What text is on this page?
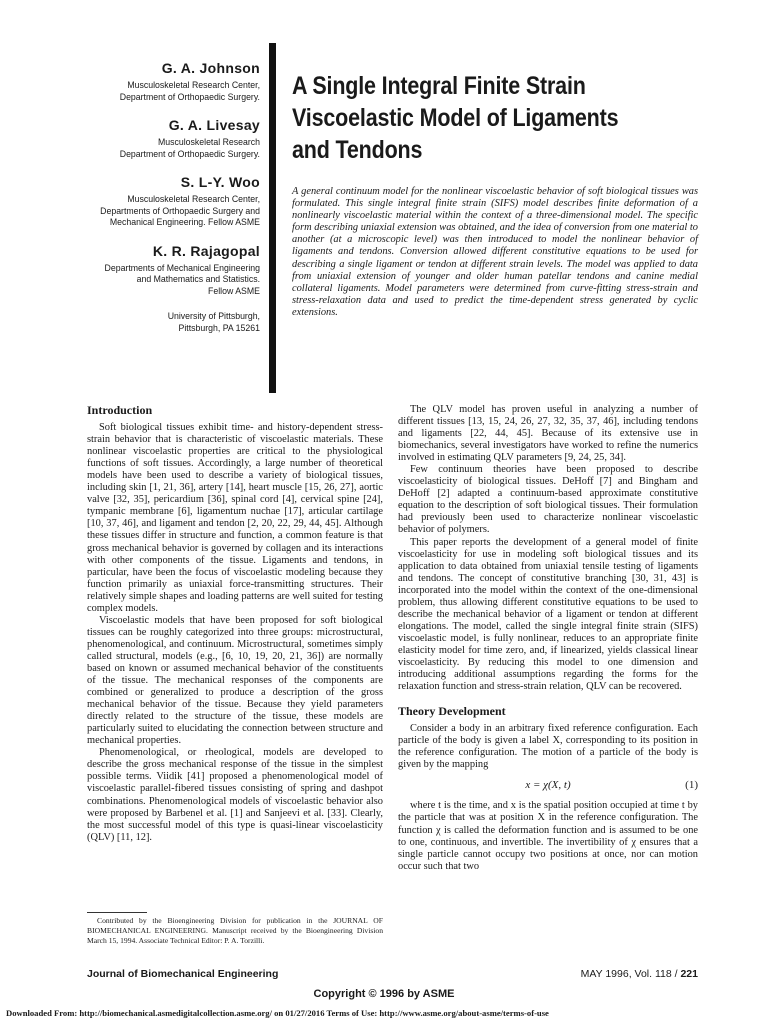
G. A. Johnson
Musculoskeletal Research Center,
Department of Orthopaedic Surgery.
G. A. Livesay
Musculoskeletal Research
Department of Orthopaedic Surgery.
S. L-Y. Woo
Musculoskeletal Research Center,
Departments of Orthopaedic Surgery and
Mechanical Engineering. Fellow ASME
K. R. Rajagopal
Departments of Mechanical Engineering
and Mathematics and Statistics.
Fellow ASME
University of Pittsburgh,
Pittsburgh, PA 15261
A Single Integral Finite Strain
Viscoelastic Model of Ligaments
and Tendons
A general continuum model for the nonlinear viscoelastic behavior of soft biological tissues was formulated. This single integral finite strain (SIFS) model describes finite deformation of a nonlinearly viscoelastic material within the context of a three-dimensional model. The specific form describing uniaxial extension was obtained, and the idea of conversion from one material to another (at a microscopic level) was then introduced to model the nonlinear behavior of ligaments and tendons. Conversion allowed different constitutive equations to be used for describing a single ligament or tendon at different strain levels. The model was applied to data from uniaxial extension of younger and older human patellar tendons and canine medial collateral ligaments. Model parameters were determined from curve-fitting stress-strain and stress-relaxation data and used to predict the time-dependent stress generated by cyclic extensions.
Introduction

Soft biological tissues exhibit time- and history-dependent stress-strain behavior that is characteristic of viscoelastic materials. These nonlinear viscoelastic properties are critical to the physiological functions of soft tissues. Accordingly, a large number of theoretical models have been used to describe a variety of biological tissues, including skin [1, 21, 36], artery [14], heart muscle [15, 26, 27], aortic valve [32, 35], pericardium [36], spinal cord [4], cervical spine [24], tympanic membrane [6], ligamentum nuchae [17], articular cartilage [10, 37, 46], and ligament and tendon [2, 20, 22, 29, 44, 45]. Although these tissues differ in structure and function, a common feature is that gross mechanical behavior is governed by collagen and its interactions with other components of the tissue. Ligaments and tendons, in particular, have been the focus of viscoelastic modeling because they function primarily as uniaxial force-transmitting structures. Their relatively simple shapes and loading patterns are well suited for testing complex models.

Viscoelastic models that have been proposed for soft biological tissues can be roughly categorized into three groups: microstructural, phenomenological, and continuum. Microstructural, sometimes simply called structural, models (e.g., [6, 10, 19, 20, 21, 36]) are normally based on known or assumed mechanical behavior of the constituents of the tissue. The mechanical responses of the components are combined or generalized to produce a description of the gross mechanical behavior of the tissue. Because they yield parameters directly related to the structure of the tissue, these models are particularly suited to elucidating the connection between structure and mechanical properties.

Phenomenological, or rheological, models are developed to describe the gross mechanical response of the tissue in the simplest possible terms. Viidik [41] proposed a phenomenological model of viscoelastic parallel-fibered tissues consisting of spring and dashpot combinations. Phenomenological models of viscoelastic behavior also were proposed by Barbenel et al. [1] and Sanjeevi et al. [33]. Clearly, the most successful model of this type is quasi-linear viscoelasticity (QLV) [11, 12].

The QLV model has proven useful in analyzing a number of different tissues [13, 15, 24, 26, 27, 32, 35, 37, 46], including tendons and ligaments [22, 44, 45]. Because of its extensive use in biomechanics, several investigators have worked to refine the numerics involved in estimating QLV parameters [9, 24, 25, 34].

Few continuum theories have been proposed to describe viscoelasticity of biological tissues. DeHoff [7] and Bingham and DeHoff [2] adapted a continuum-based approximate constitutive equation to the description of soft biological tissues. Their formulation had previously been used to characterize nonlinear viscoelastic behavior of polymers.

This paper reports the development of a general model of finite viscoelasticity for use in modeling soft biological tissues and its application to data obtained from uniaxial tensile testing of ligaments and tendons. The concept of constitutive branching [30, 31, 43] is incorporated into the model within the context of the one-dimensional problem, thus allowing different constitutive equations to be used to describe the mechanical behavior of a ligament or tendon at different elongations. The model, called the single integral finite strain (SIFS) viscoelastic model, is fully nonlinear, reduces to an appropriate finite elasticity model for time zero, and, if linearized, yields classical linear viscoelasticity. By reducing this model to one dimension and introducing additional assumptions regarding the forms for the relaxation function and stress-strain relation, QLV can be recovered.

Theory Development

Consider a body in an arbitrary fixed reference configuration. Each particle of the body is given a label X, corresponding to its position in the reference configuration. The motion of a particle of the body is given by the mapping

x = χ(X, t)	(1)

where t is the time, and x is the spatial position occupied at time t by the particle that was at position X in the reference configuration. The function χ is called the deformation function and is assumed to be one to one, continuous, and invertible. The invertibility of χ ensures that a single particle cannot occupy two positions at once, nor can motion occur such that two

Contributed by the Bioengineering Division for publication in the JOURNAL OF BIOMECHANICAL ENGINEERING. Manuscript received by the Bioengineering Division March 15, 1994. Associate Technical Editor: P. A. Torzilli.
Journal of Biomechanical Engineering	MAY 1996, Vol. 118 / 221
Copyright © 1996 by ASME
Downloaded From: http://biomechanical.asmedigitalcollection.asme.org/ on 01/27/2016 Terms of Use: http://www.asme.org/about-asme/terms-of-use
